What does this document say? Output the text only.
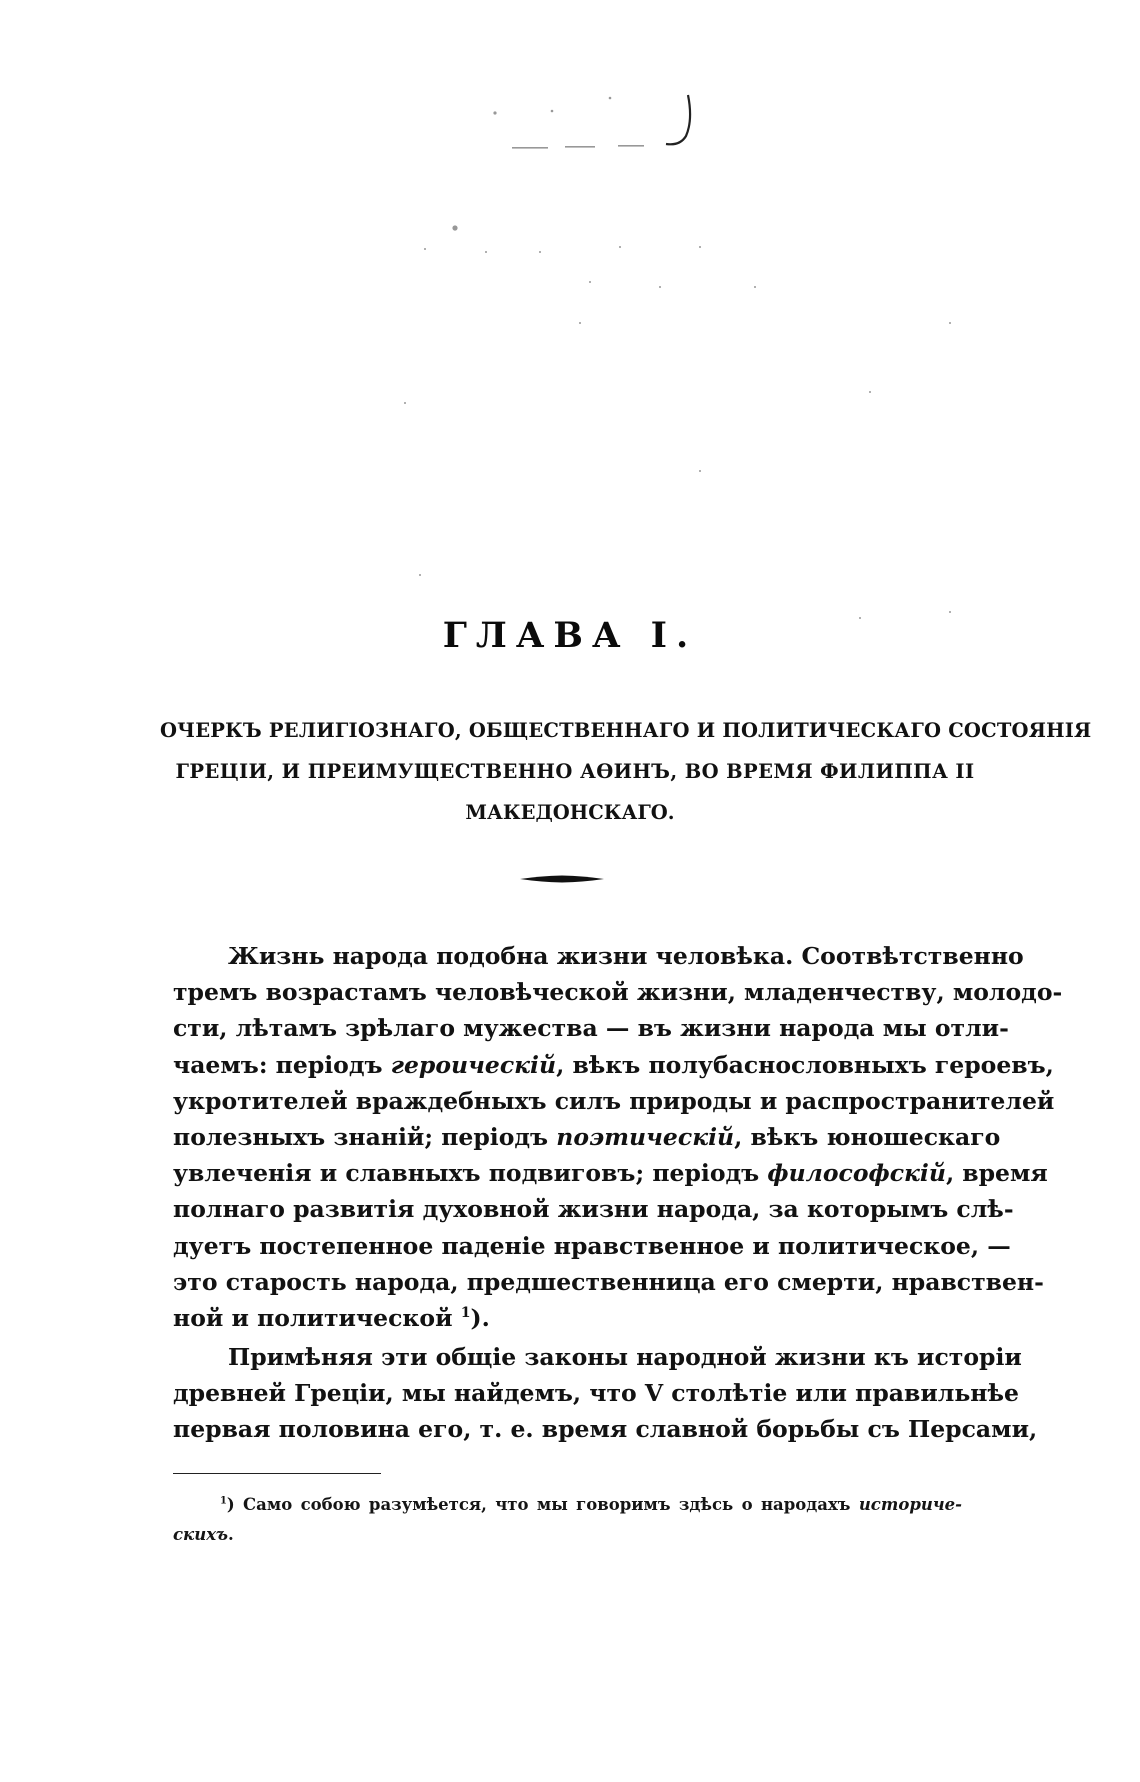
ГЛАВА I.
ОЧЕРКЪ РЕЛИГІОЗНАГО, ОБЩЕСТВЕННАГО И ПОЛИТИЧЕСКАГО СОСТОЯНІЯ
ГРЕЦІИ, И ПРЕИМУЩЕСТВЕННО АѲИНЪ, ВО ВРЕМЯ ФИЛИППА II
МАКЕДОНСКАГО.
Жизнь народа подобна жизни человѣка. Соотвѣтственно
тремъ возрастамъ человѣческой жизни, младенчеству, молодо-
сти, лѣтамъ зрѣлаго мужества — въ жизни народа мы отли-
чаемъ: періодъ героическій, вѣкъ полубаснословныхъ героевъ,
укротителей враждебныхъ силъ природы и распространителей
полезныхъ знаній; періодъ поэтическій, вѣкъ юношескаго
увлеченія и славныхъ подвиговъ; періодъ философскій, время
полнаго развитія духовной жизни народа, за которымъ слѣ-
дуетъ постепенное паденіе нравственное и политическое, —
это старость народа, предшественница его смерти, нравствен-
ной и политической $^1$).
Примѣняя эти общіе законы народной жизни къ исторіи
древней Греціи, мы найдемъ, что V столѣтіе или правильнѣе
первая половина его, т. е. время славной борьбы съ Персами,
$^1$) Само собою разумѣется, что мы говоримъ здѣсь о народахъ историче-
скихъ.
